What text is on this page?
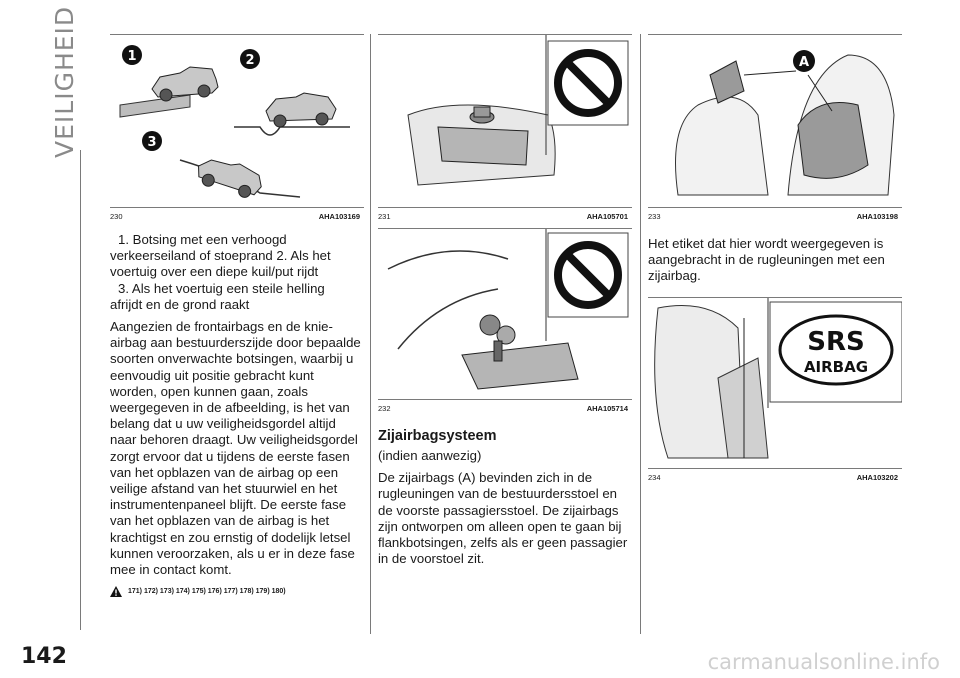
VEILIGHEID	1	2
3
230	AHA103169

1. Botsing met een verhoogd

verkeerseiland of stoeprand 2. Als het

voertuig over een diepe kuil/put rijdt

3. Als het voertuig een steile helling

afrijdt en de grond raakt

Aangezien de frontairbags en de knie-airbag aan bestuurderszijde door bepaalde soorten onverwachte botsingen, waarbij u eenvoudig uit positie gebracht kunt worden, open kunnen gaan, zoals weergegeven in de afbeelding, is het van belang dat u uw veiligheidsgordel altijd naar behoren draagt. Uw veiligheidsgordel zorgt ervoor dat u tijdens de eerste fasen van het opblazen van de airbag op een veilige afstand van het stuurwiel en het instrumentenpaneel blijft. De eerste fase van het opblazen van de airbag is het krachtigst en zou ernstig of dodelijk letsel kunnen veroorzaken, als u er in deze fase mee in contact komt.

171) 172) 173) 174) 175) 176) 177) 178) 179) 180)
231	AHA105701
232	AHA105714
Zijairbagsysteem

(indien aanwezig)

De zijairbags (A) bevinden zich in de rugleuningen van de bestuurdersstoel en de voorste passagiersstoel. De zijairbags zijn ontworpen om alleen open te gaan bij flankbotsingen, zelfs als er geen passagier in de voorstoel zit.

A
233	AHA103198

Het etiket dat hier wordt weergegeven is aangebracht in de rugleuningen met een zijairbag.

SRS
AIRBAG
234	AHA103202
142	carmanualsonline.info
